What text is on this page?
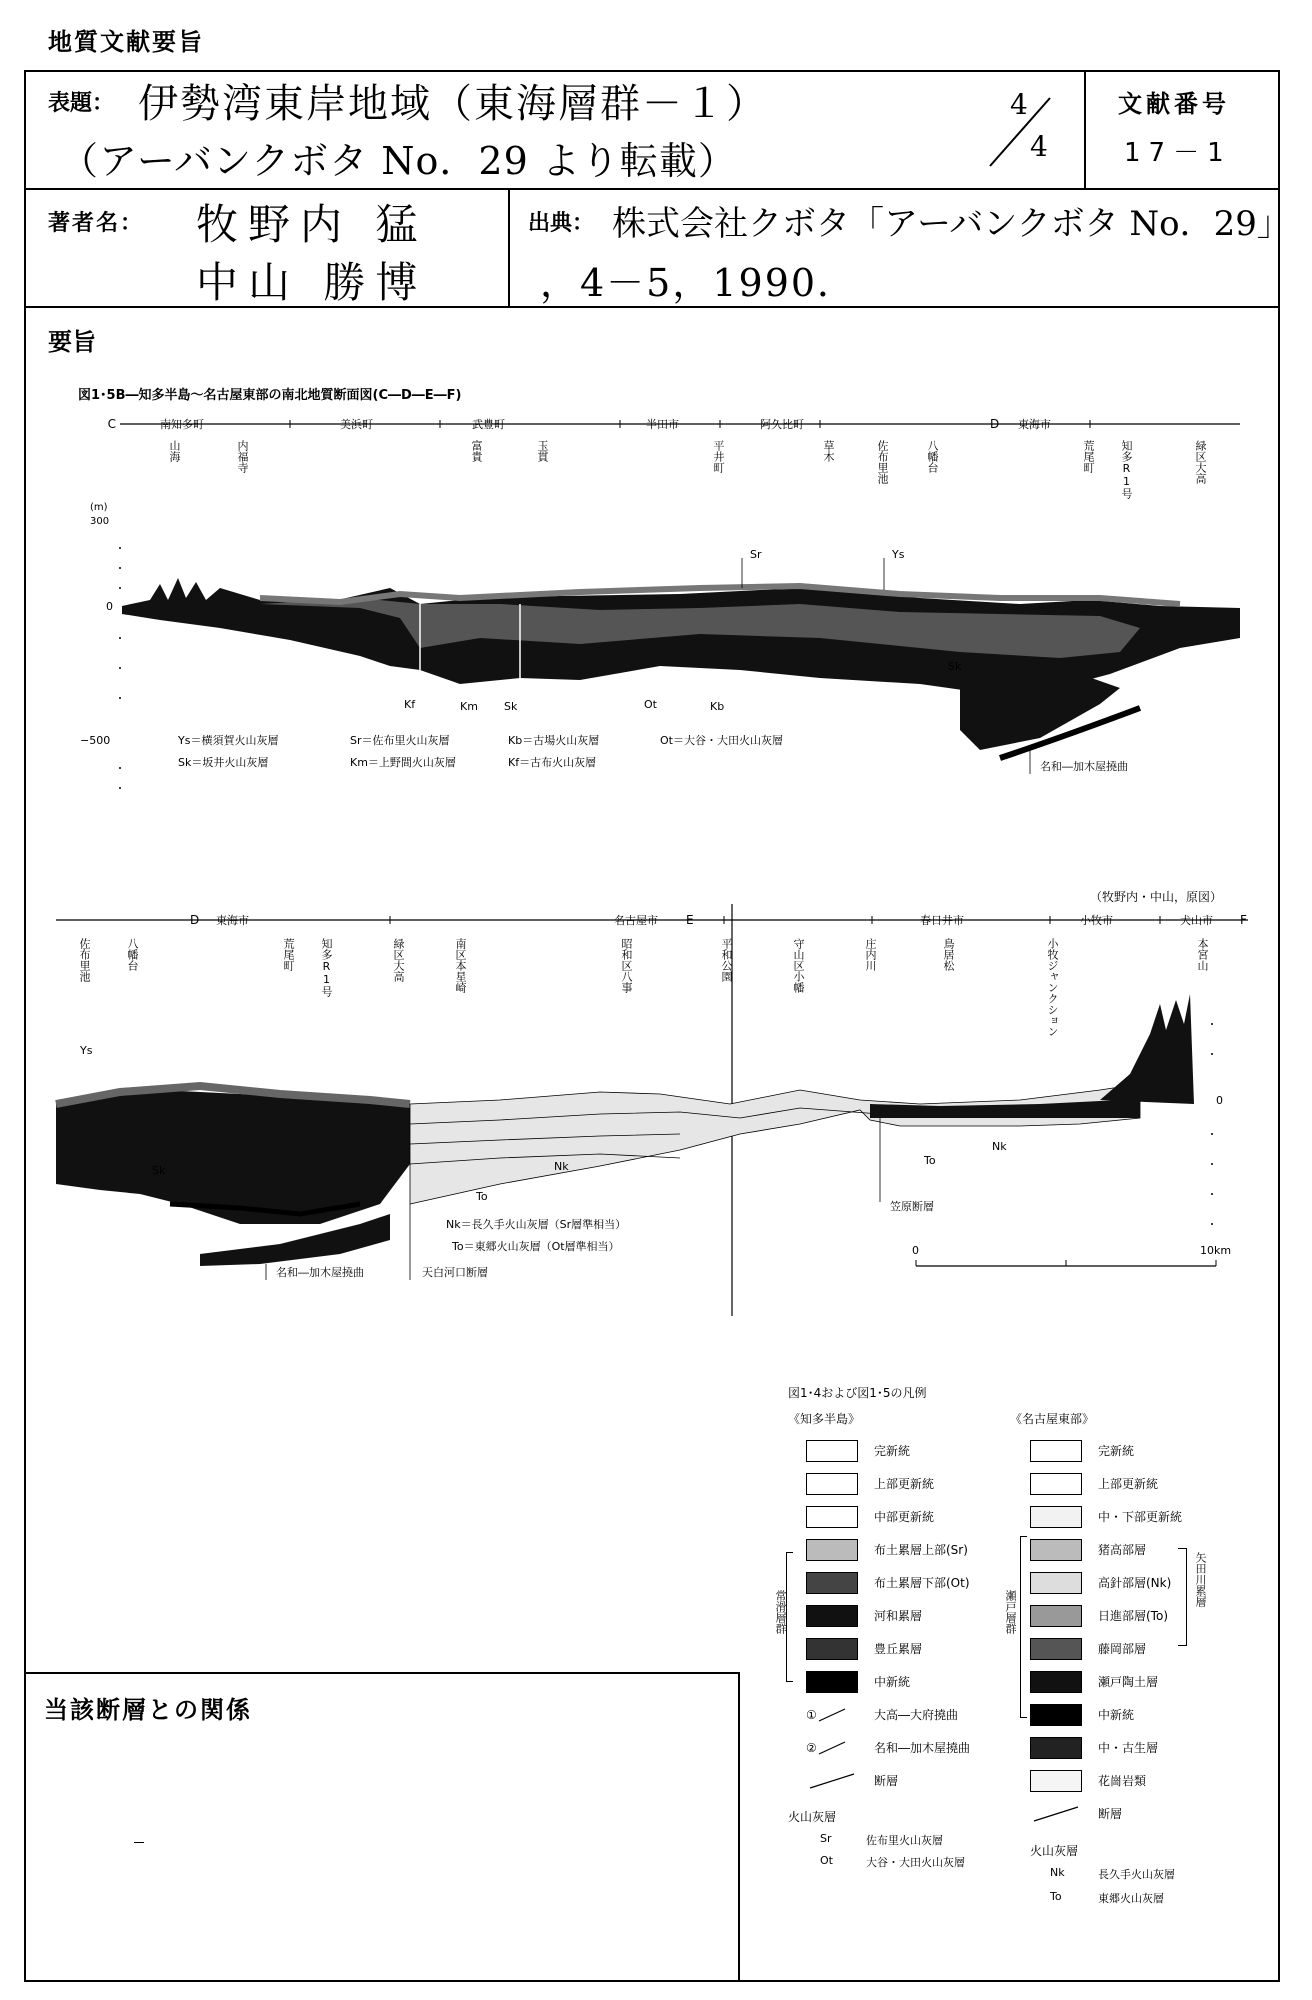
地質文献要旨
表題： 伊勢湾東岸地域（東海層群－１）
（アーバンクボタ No．29 より転載）
4
4
文献番号
17－1
著者名： 牧野内 猛
中山 勝博
出典： 株式会社クボタ「アーバンクボタ No．29」
，4－5，1990．
要旨
図1･5B―知多半島～名古屋東部の南北地質断面図(C―D―E―F)
C	南知多町	美浜町	武豊町	半田市	阿久比町	D 東海市
(m)
300
0
−500
Sr	Ys
Kf	Km Sk	Ot	Kb
Sk
Ys＝横須賀火山灰層	Sr＝佐布里火山灰層	Kb＝古場火山灰層	Ot＝大谷・大田火山灰層
Sk＝坂井火山灰層	Km＝上野間火山灰層	Kf＝古布火山灰層	名和―加木屋撓曲
山海	内福寺	富貴	玉貫	平井町	草木	佐布里池	八幡台	荒尾町 知多R1号	緑区大高
（牧野内・中山，原図）
D 東海市	名古屋市 E	春日井市	小牧市	犬山市 F
Ys
Sk	Nk
To
To
Nk
0
Nk＝長久手火山灰層（Sr層準相当）
To＝東郷火山灰層（Ot層準相当）
笠原断層
名和―加木屋撓曲	天白河口断層
0	10km
佐布里池	八幡台	荒尾町 知多R1号	緑区大高	南区本星崎	昭和区八事	平和公園	守山区小幡	庄内川	鳥居松	小牧ジャンクション	本宮山
当該断層との関係
図1･4および図1･5の凡例
《知多半島》	《名古屋東部》
完新統
上部更新統
中部更新統
布土累層上部(Sr)
布土累層下部(Ot)
河和累層
豊丘累層
中新統
①	大高―大府撓曲
②	名和―加木屋撓曲
断層
常滑層群
火山灰層
Sr	佐布里火山灰層
Ot	大谷・大田火山灰層
完新統
上部更新統
中・下部更新統
猪高部層
高針部層(Nk)
日進部層(To)
藤岡部層
瀬戸陶土層
中新統
中・古生層
花崗岩類
断層
瀬戸層群
矢田川累層
火山灰層
Nk	長久手火山灰層
To	東郷火山灰層
